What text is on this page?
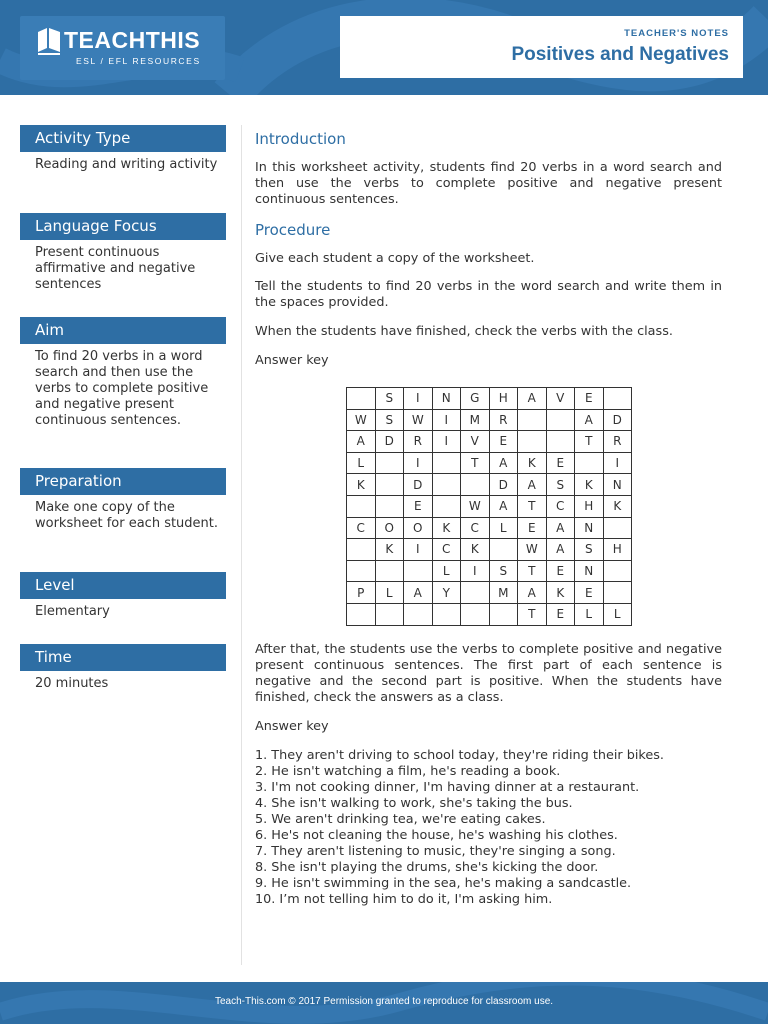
TEACHTHIS
ESL / EFL RESOURCES
TEACHER'S NOTES
Positives and Negatives
Activity Type
Reading and writing activity
Language Focus
Present continuous affirmative and negative sentences
Aim
To find 20 verbs in a word search and then use the verbs to complete positive and negative present continuous sentences.
Preparation
Make one copy of the worksheet for each student.
Level
Elementary
Time
20 minutes
Introduction

In this worksheet activity, students find 20 verbs in a word search and then use the verbs to complete positive and negative present continuous sentences.

Procedure

Give each student a copy of the worksheet.

Tell the students to find 20 verbs in the word search and write them in the spaces provided.

When the students have finished, check the verbs with the class.

Answer key

	S	I	N	G	H	A	V	E	
W	S	W	I	M	R			A	D
A	D	R	I	V	E			T	R
L		I		T	A	K	E		I
K		D			D	A	S	K	N
		E		W	A	T	C	H	K
C	O	O	K	C	L	E	A	N	
	K	I	C	K		W	A	S	H
			L	I	S	T	E	N	
P	L	A	Y		M	A	K	E	
						T	E	L	L

After that, the students use the verbs to complete positive and negative present continuous sentences. The first part of each sentence is negative and the second part is positive. When the students have finished, check the answers as a class.

Answer key

1. They aren't driving to school today, they're riding their bikes.
2. He isn't watching a film, he's reading a book.
3. I'm not cooking dinner, I'm having dinner at a restaurant.
4. She isn't walking to work, she's taking the bus.
5. We aren't drinking tea, we're eating cakes.
6. He's not cleaning the house, he's washing his clothes.
7. They aren't listening to music, they're singing a song.
8. She isn't playing the drums, she's kicking the door.
9. He isn't swimming in the sea, he's making a sandcastle.
10. I’m not telling him to do it, I'm asking him.
Teach-This.com © 2017 Permission granted to reproduce for classroom use.
